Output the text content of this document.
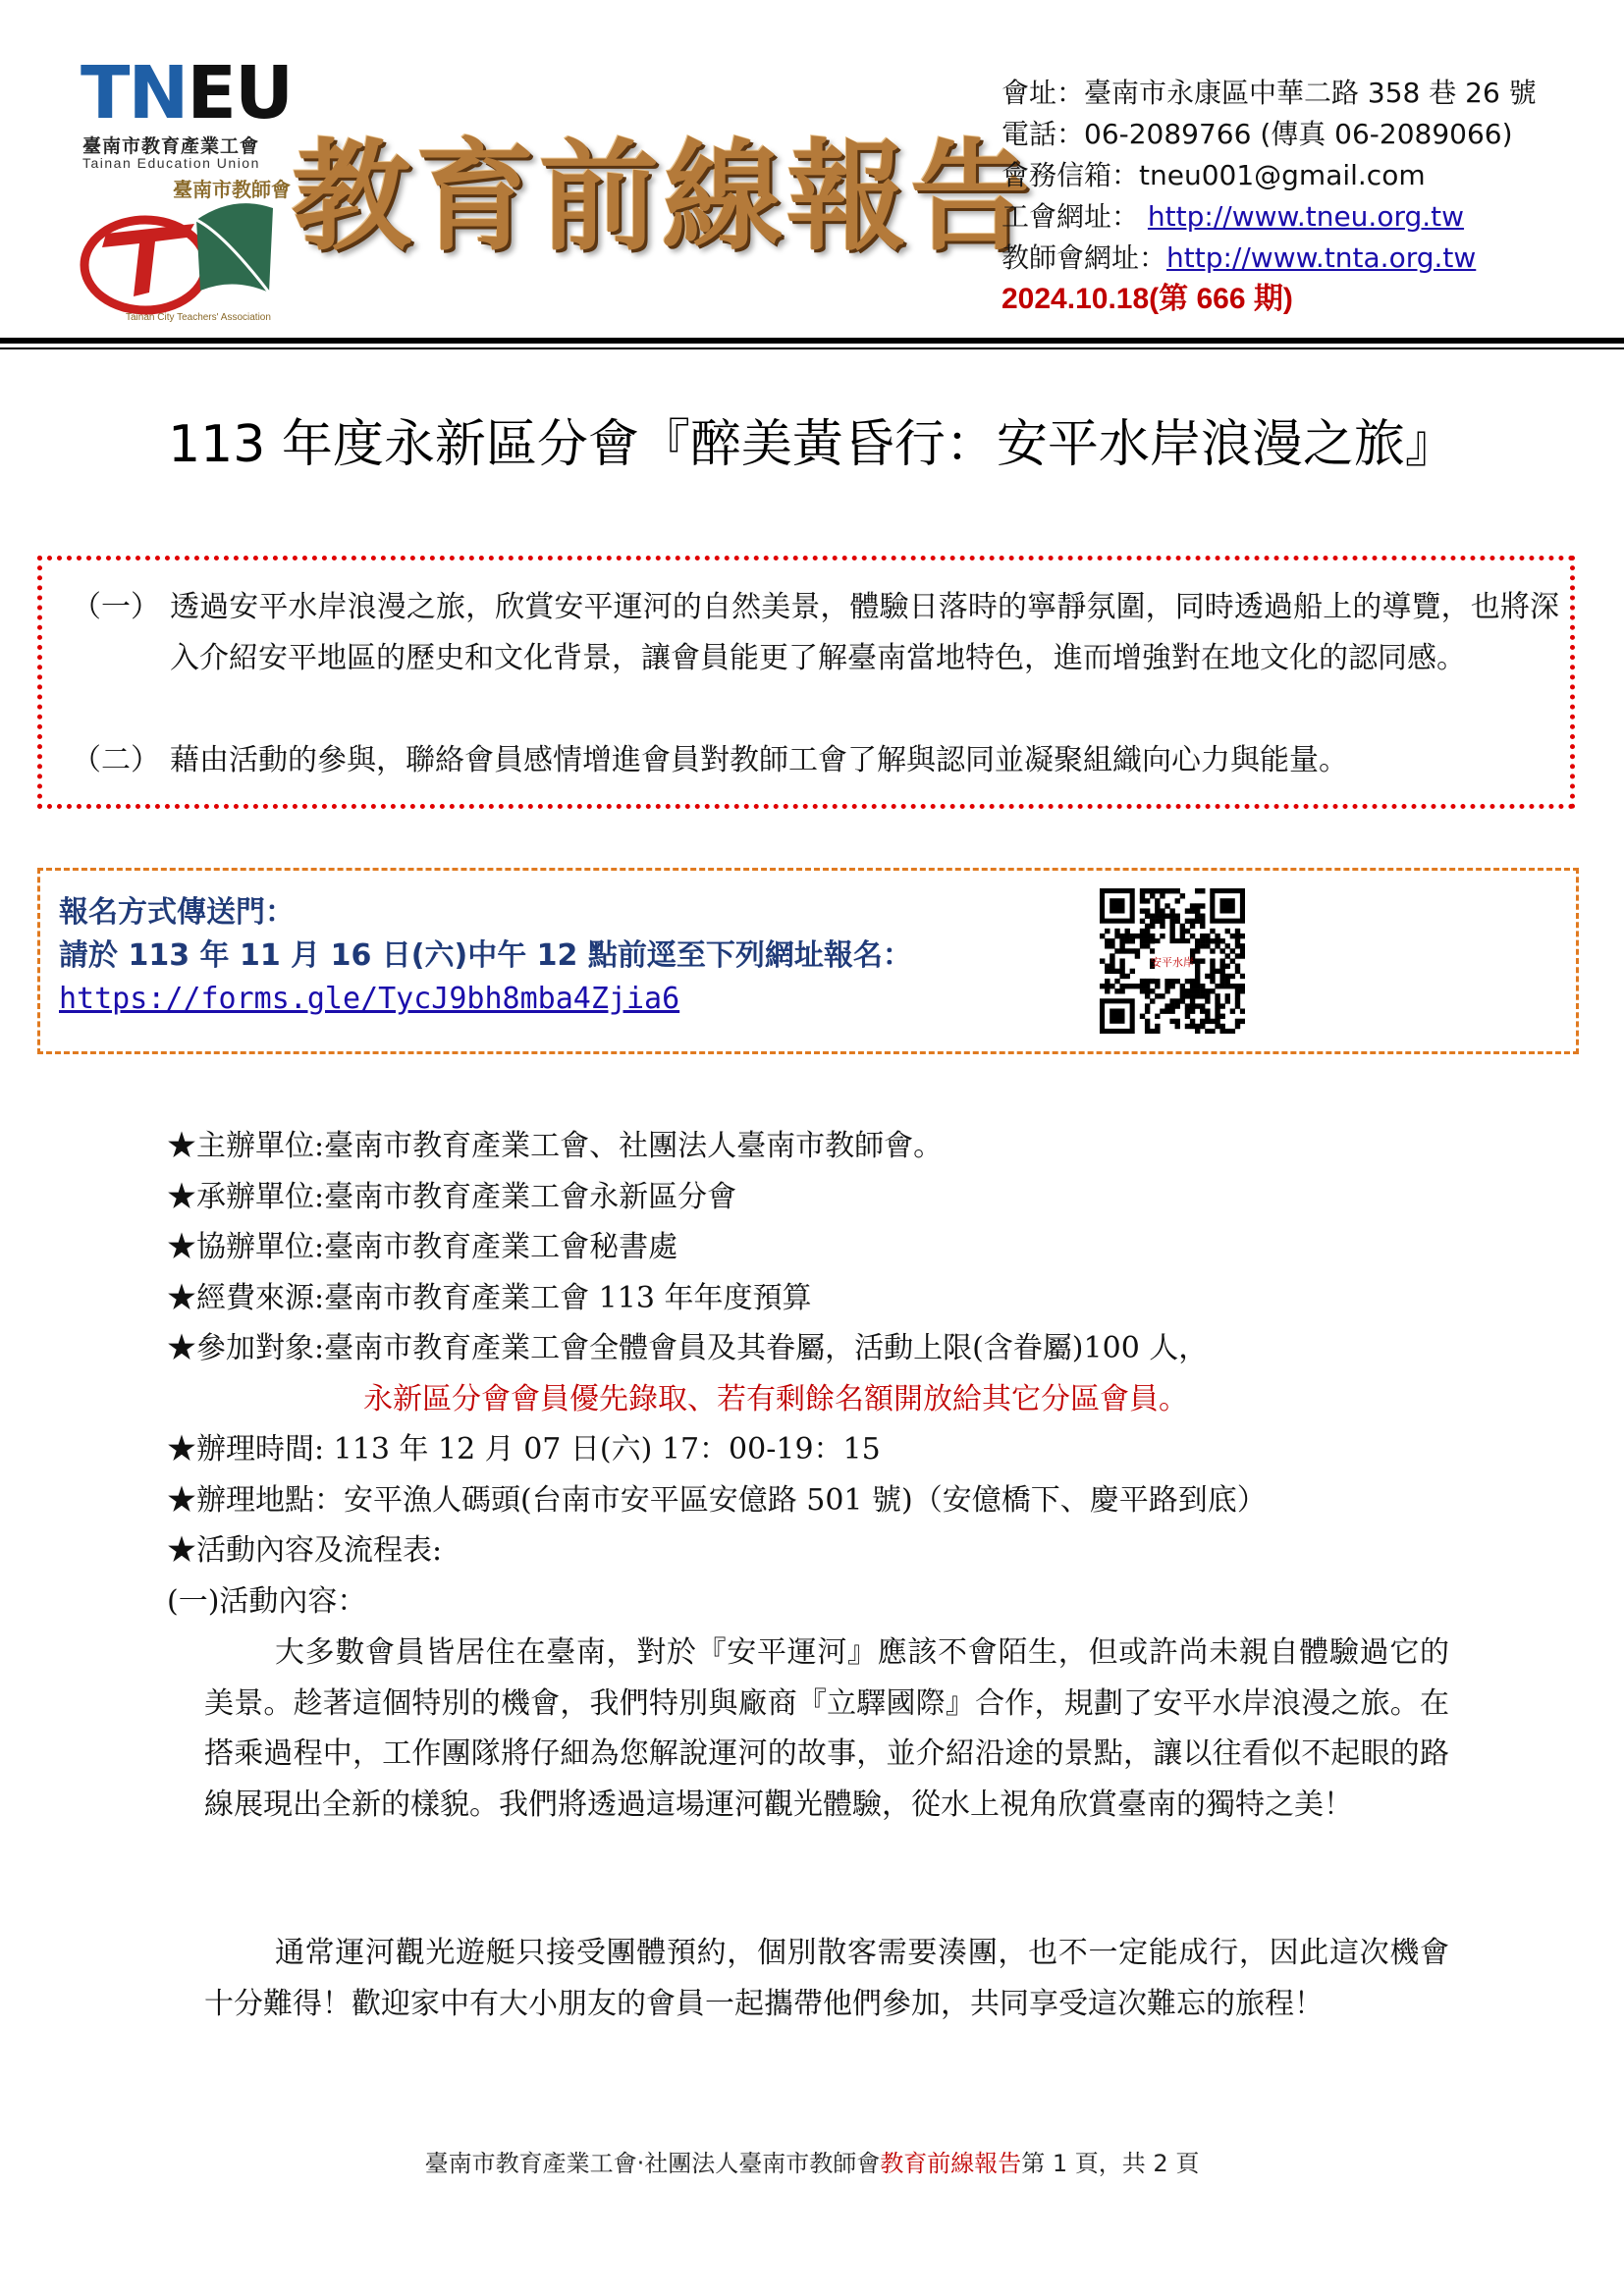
TNEU
臺南市教育產業工會
Tainan Education Union
臺南市教師會
Tainan City Teachers' Association
教育前線報告
會址：臺南市永康區中華二路 358 巷 26 號
電話：06-2089766 (傳真 06-2089066)
會務信箱：tneu001@gmail.com
工會網址： http://www.tneu.org.tw
教師會網址：http://www.tnta.org.tw
2024.10.18(第 666 期)
113 年度永新區分會『醉美黃昏行：安平水岸浪漫之旅』
（一） 透過安平水岸浪漫之旅，欣賞安平運河的自然美景，體驗日落時的寧靜氛圍，同時透過船上的導覽，也將深入介紹安平地區的歷史和文化背景，讓會員能更了解臺南當地特色，進而增強對在地文化的認同感。
（二） 藉由活動的參與，聯絡會員感情增進會員對教師工會了解與認同並凝聚組織向心力與能量。
報名方式傳送門：
請於 113 年 11 月 16 日(六)中午 12 點前逕至下列網址報名：
https://forms.gle/TycJ9bh8mba4Zjia6
安平水岸
★主辦單位:臺南市教育產業工會、社團法人臺南市教師會。
★承辦單位:臺南市教育產業工會永新區分會
★協辦單位:臺南市教育產業工會秘書處
★經費來源:臺南市教育產業工會 113 年年度預算
★參加對象:臺南市教育產業工會全體會員及其眷屬，活動上限(含眷屬)100 人，
永新區分會會員優先錄取、若有剩餘名額開放給其它分區會員。
★辦理時間: 113 年 12 月 07 日(六) 17：00-19：15
★辦理地點：安平漁人碼頭(台南市安平區安億路 501 號)（安億橋下、慶平路到底）
★活動內容及流程表:
(一)活動內容：
大多數會員皆居住在臺南，對於『安平運河』應該不會陌生，但或許尚未親自體驗過它的美景。趁著這個特別的機會，我們特別與廠商『立驛國際』合作，規劃了安平水岸浪漫之旅。在搭乘過程中，工作團隊將仔細為您解說運河的故事，並介紹沿途的景點，讓以往看似不起眼的路線展現出全新的樣貌。我們將透過這場運河觀光體驗，從水上視角欣賞臺南的獨特之美！
通常運河觀光遊艇只接受團體預約，個別散客需要湊團，也不一定能成行，因此這次機會十分難得！歡迎家中有大小朋友的會員一起攜帶他們參加，共同享受這次難忘的旅程！
臺南市教育產業工會‧社團法人臺南市教師會教育前線報告第 1 頁，共 2 頁
